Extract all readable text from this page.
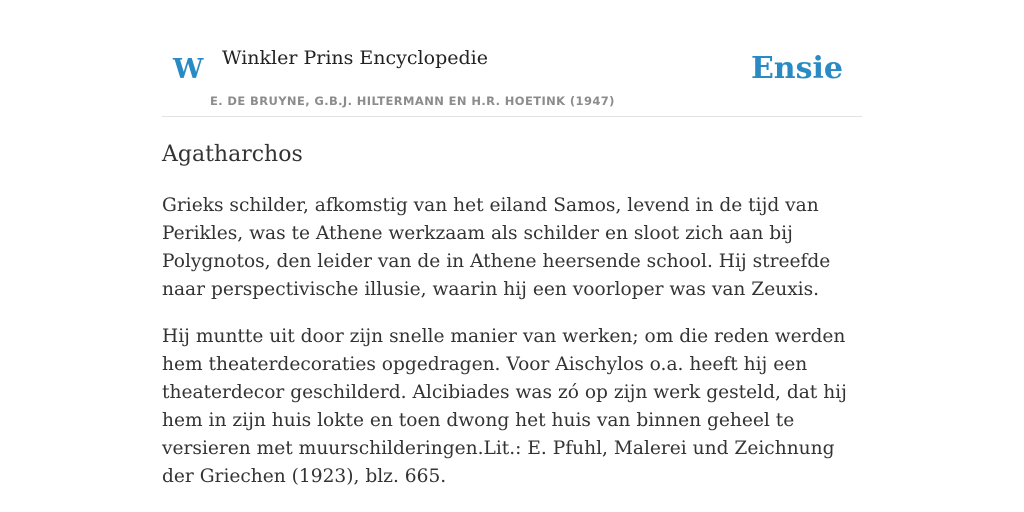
W Winkler Prins Encyclopedie
E. DE BRUYNE, G.B.J. HILTERMANN EN H.R. HOETINK (1947)
Ensie
Agatharchos

Grieks schilder, afkomstig van het eiland Samos, levend in de tijd van Perikles, was te Athene werkzaam als schilder en sloot zich aan bij Polygnotos, den leider van de in Athene heersende school. Hij streefde naar perspectivische illusie, waarin hij een voorloper was van Zeuxis.

Hij muntte uit door zijn snelle manier van werken; om die reden werden hem theaterdecoraties opgedragen. Voor Aischylos o.a. heeft hij een theaterdecor geschilderd. Alcibiades was zó op zijn werk gesteld, dat hij hem in zijn huis lokte en toen dwong het huis van binnen geheel te versieren met muurschilderingen.Lit.: E. Pfuhl, Malerei und Zeichnung der Griechen (1923), blz. 665.
